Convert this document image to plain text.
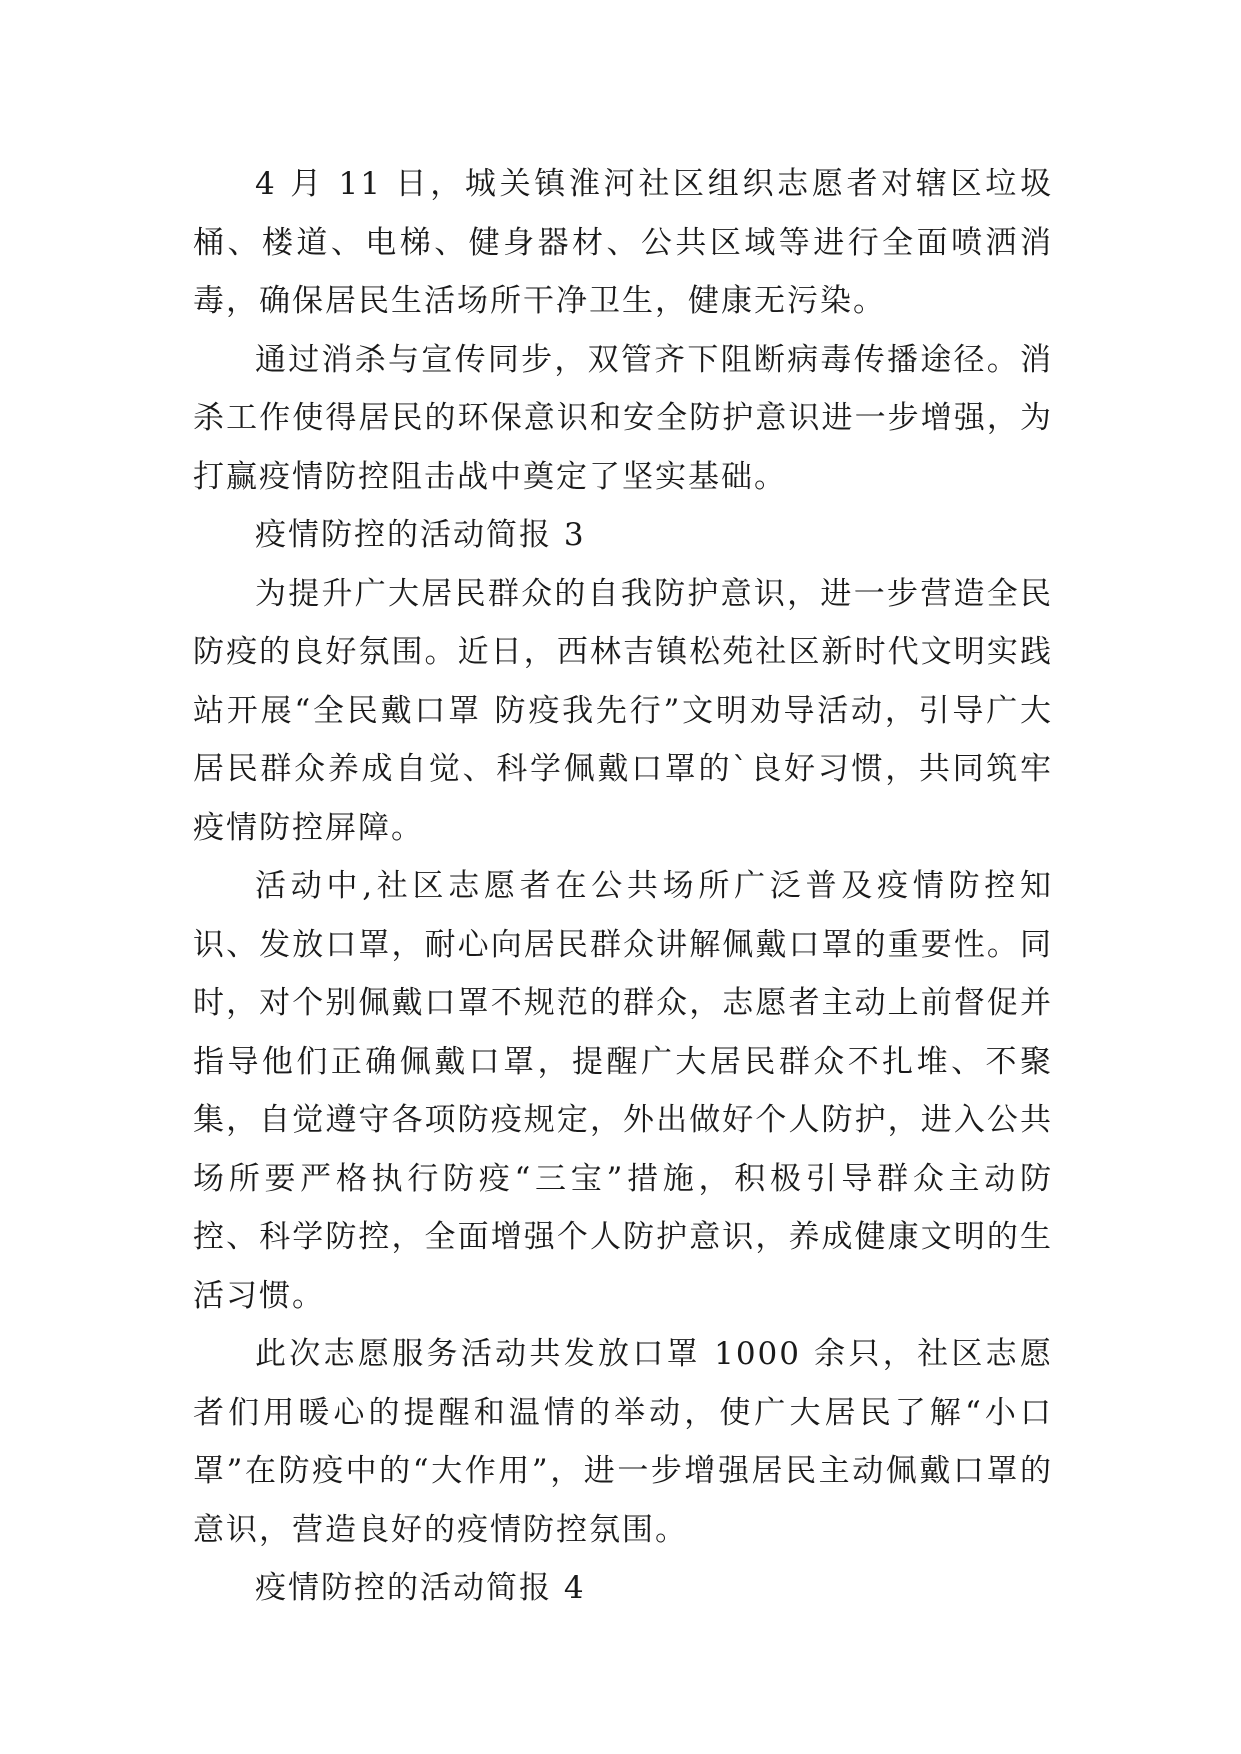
4 月 11 日，城关镇淮河社区组织志愿者对辖区垃圾桶、楼道、电梯、健身器材、公共区域等进行全面喷洒消毒，确保居民生活场所干净卫生，健康无污染。

通过消杀与宣传同步，双管齐下阻断病毒传播途径。消杀工作使得居民的环保意识和安全防护意识进一步增强，为打赢疫情防控阻击战中奠定了坚实基础。

疫情防控的活动简报 3

为提升广大居民群众的自我防护意识，进一步营造全民防疫的良好氛围。近日，西林吉镇松苑社区新时代文明实践站开展“全民戴口罩 防疫我先行”文明劝导活动，引导广大居民群众养成自觉、科学佩戴口罩的`良好习惯，共同筑牢疫情防控屏障。

活动中,社区志愿者在公共场所广泛普及疫情防控知识、发放口罩，耐心向居民群众讲解佩戴口罩的重要性。同时，对个别佩戴口罩不规范的群众，志愿者主动上前督促并指导他们正确佩戴口罩，提醒广大居民群众不扎堆、不聚集，自觉遵守各项防疫规定，外出做好个人防护，进入公共场所要严格执行防疫“三宝”措施，积极引导群众主动防控、科学防控，全面增强个人防护意识，养成健康文明的生活习惯。

此次志愿服务活动共发放口罩 1000 余只，社区志愿者们用暖心的提醒和温情的举动，使广大居民了解“小口罩”在防疫中的“大作用”，进一步增强居民主动佩戴口罩的意识，营造良好的疫情防控氛围。

疫情防控的活动简报 4
